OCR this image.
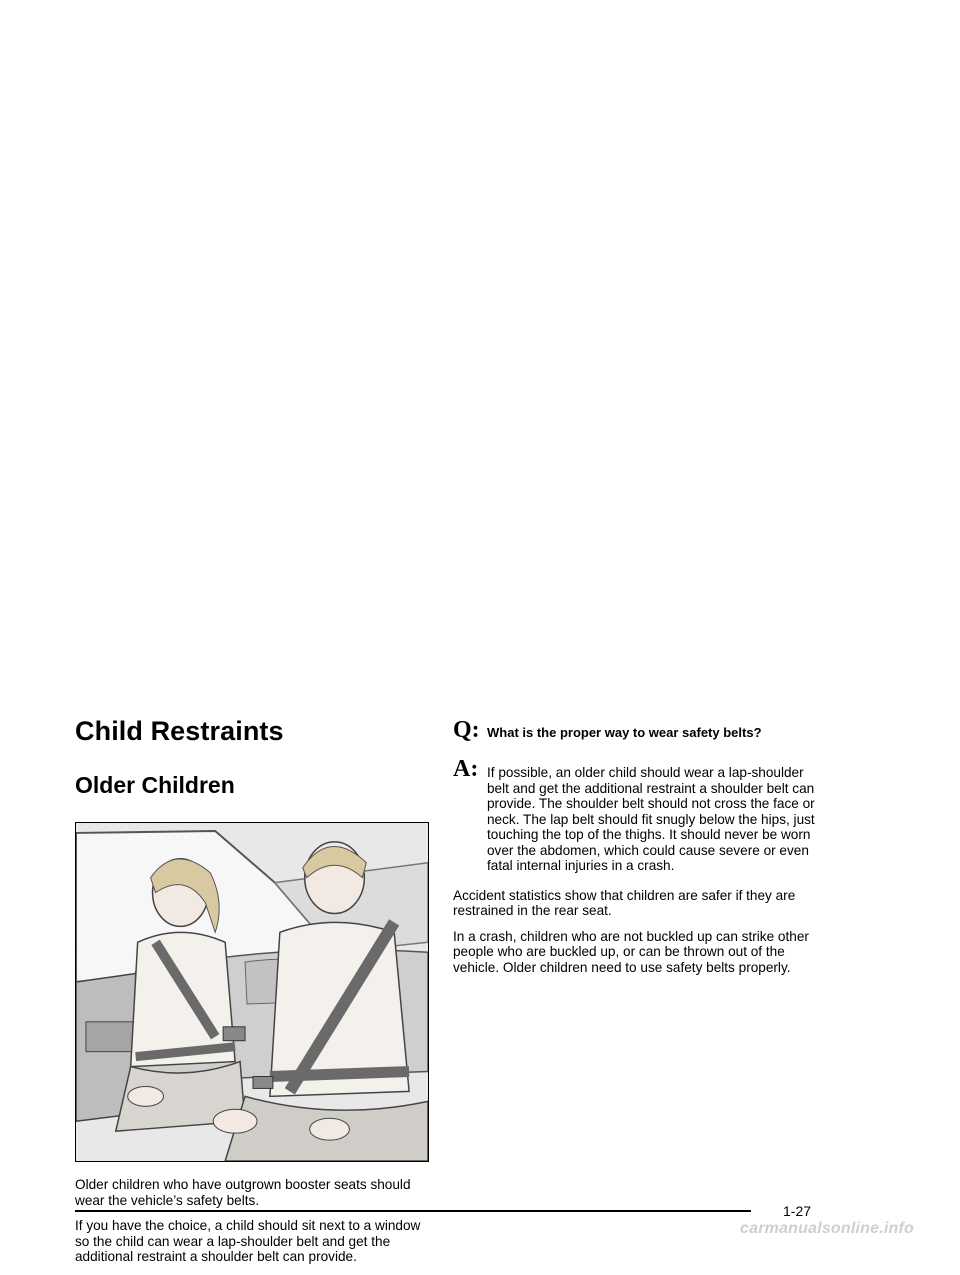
Child Restraints
Older Children

Older children who have outgrown booster seats should wear the vehicle’s safety belts.

If you have the choice, a child should sit next to a window so the child can wear a lap-shoulder belt and get the additional restraint a shoulder belt can provide.

Q: What is the proper way to wear safety belts?
A: If possible, an older child should wear a lap-shoulder belt and get the additional restraint a shoulder belt can provide. The shoulder belt should not cross the face or neck. The lap belt should fit snugly below the hips, just touching the top of the thighs. It should never be worn over the abdomen, which could cause severe or even fatal internal injuries in a crash.

Accident statistics show that children are safer if they are restrained in the rear seat.

In a crash, children who are not buckled up can strike other people who are buckled up, or can be thrown out of the vehicle. Older children need to use safety belts properly.

1-27
carmanualsonline.info
